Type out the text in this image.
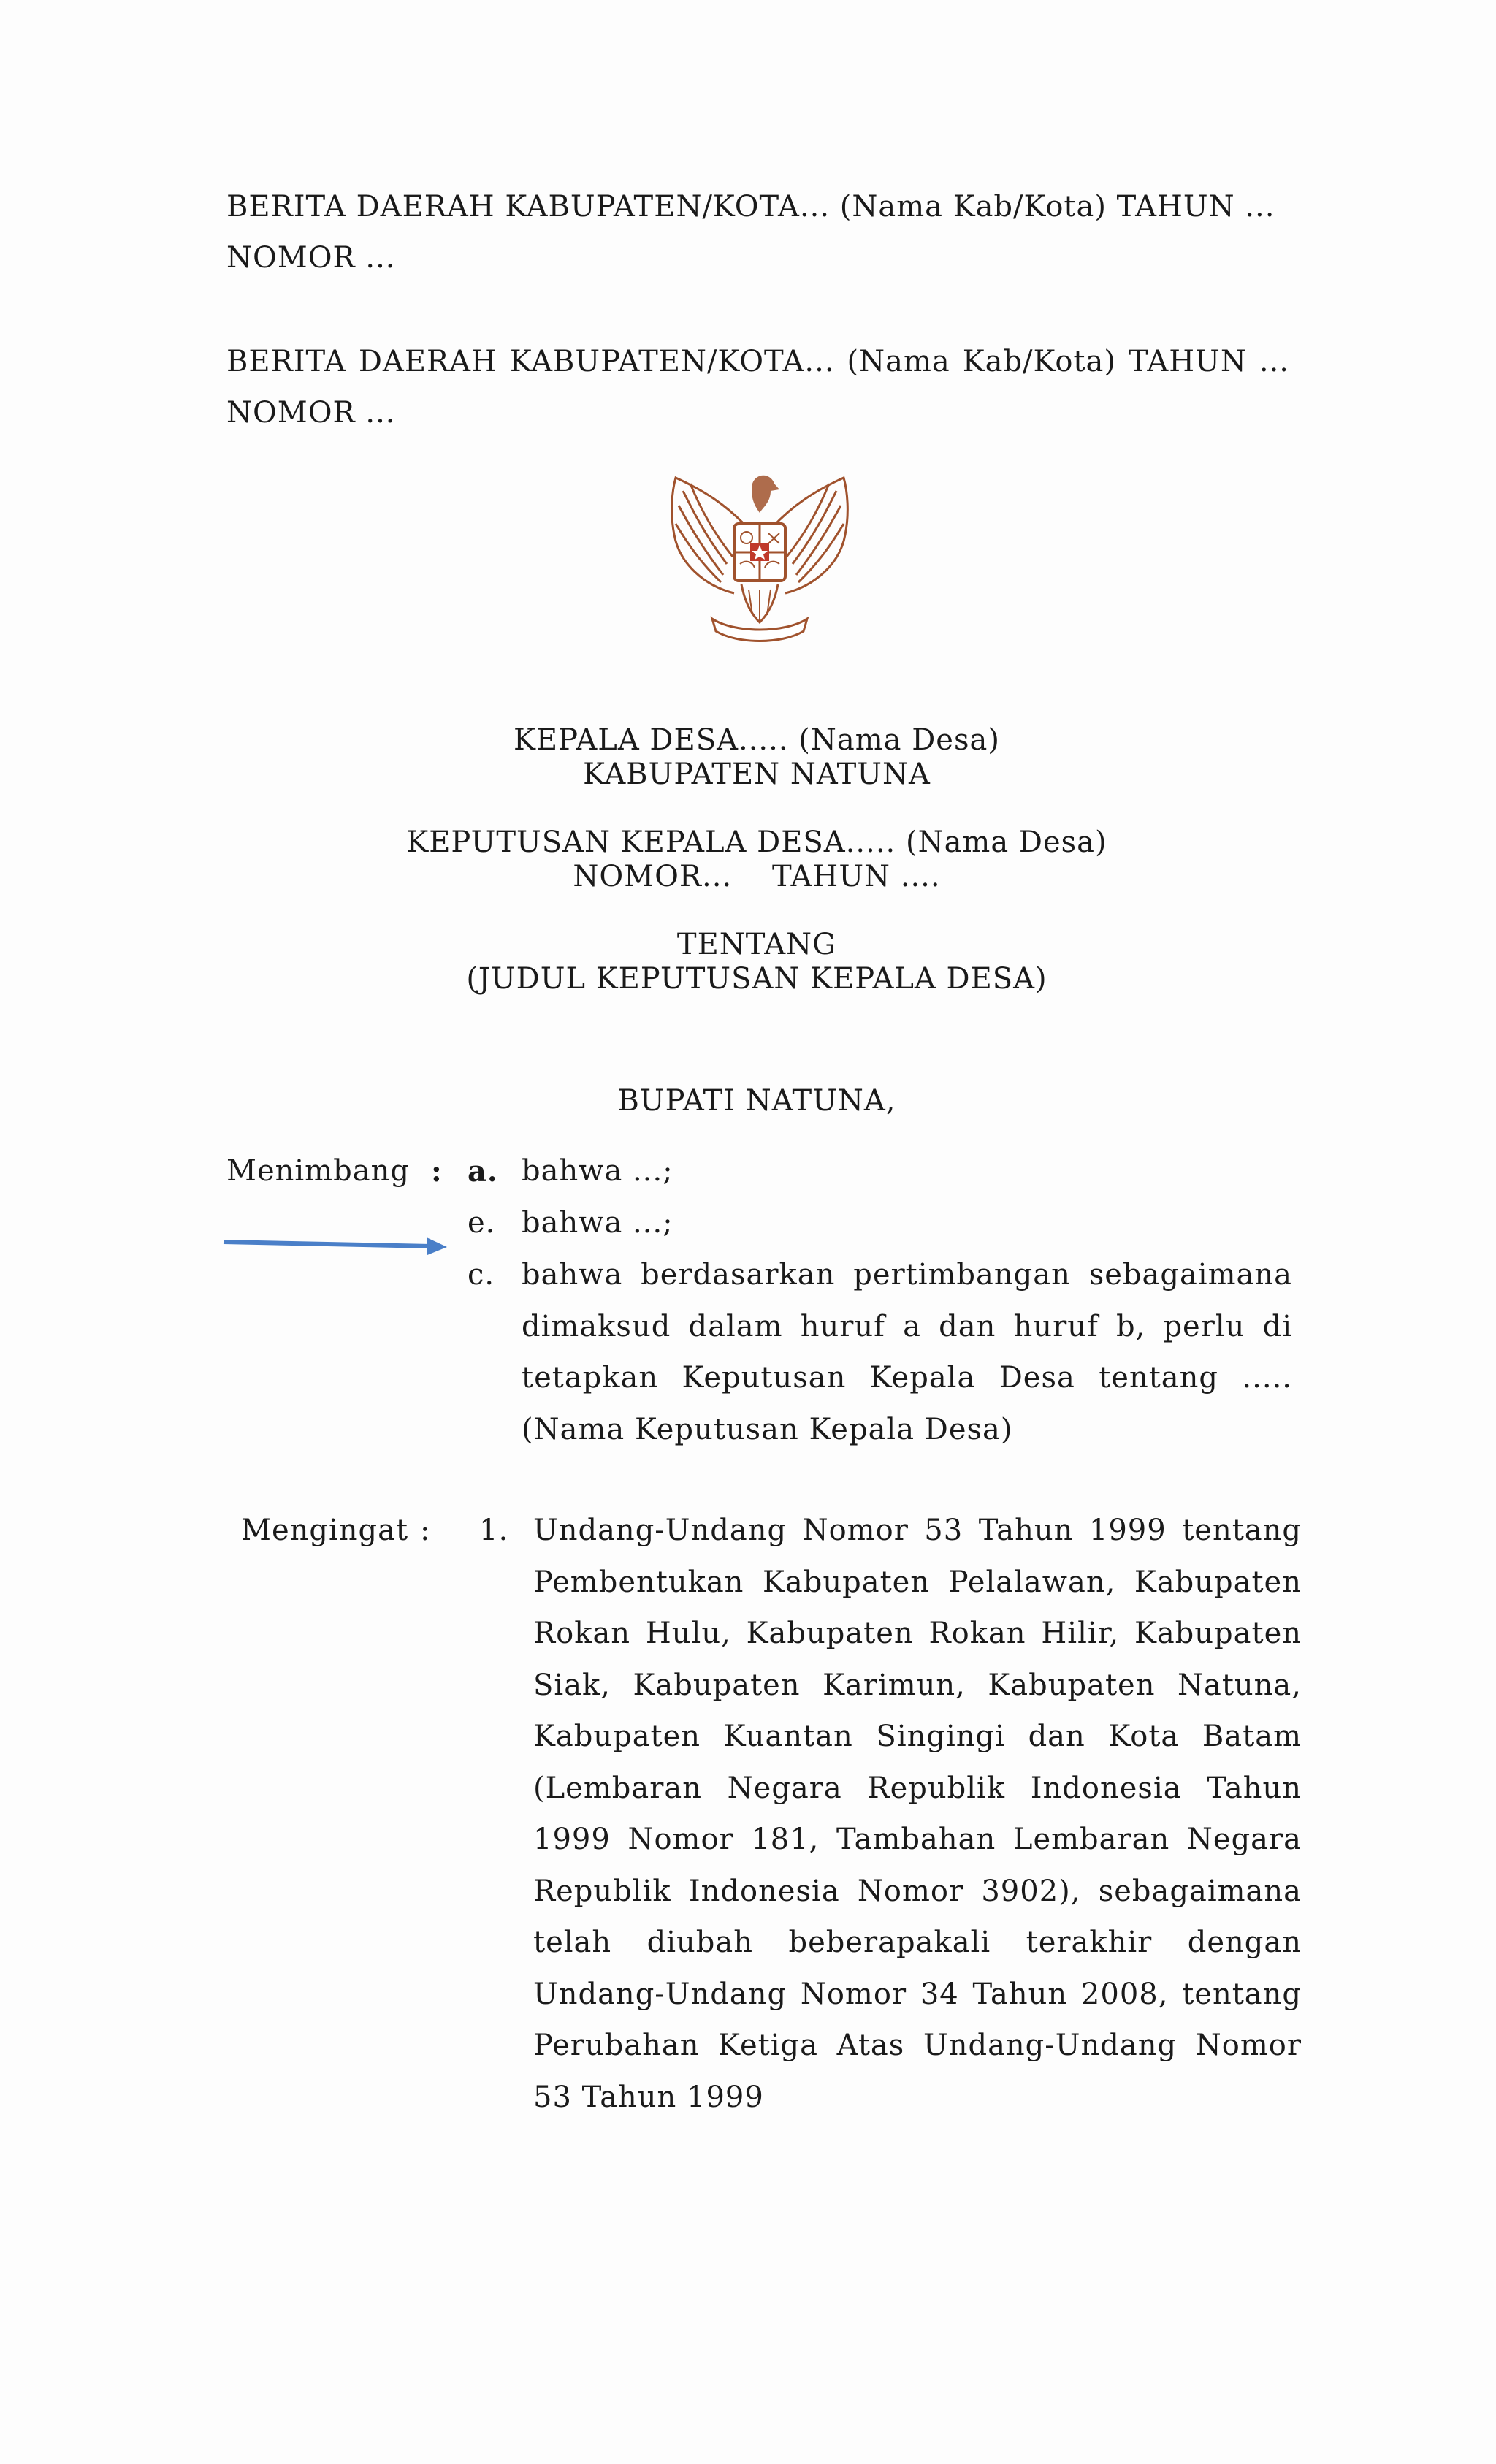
BERITA DAERAH KABUPATEN/KOTA... (Nama Kab/Kota) TAHUN ...
NOMOR ...
BERITA DAERAH KABUPATEN/KOTA... (Nama Kab/Kota) TAHUN ...
NOMOR ...
KEPALA DESA..... (Nama Desa)
KABUPATEN NATUNA
KEPUTUSAN KEPALA DESA..... (Nama Desa)
NOMOR...    TAHUN ....
TENTANG
(JUDUL KEPUTUSAN KEPALA DESA)
BUPATI NATUNA,
Menimbang : a. bahwa ...;
e. bahwa ...;
c. bahwa berdasarkan pertimbangan sebagaimana dimaksud dalam huruf a dan huruf b, perlu di tetapkan Keputusan Kepala Desa tentang ..... (Nama Keputusan Kepala Desa)
Mengingat : 1. Undang-Undang Nomor 53 Tahun 1999 tentang Pembentukan Kabupaten Pelalawan, Kabupaten Rokan Hulu, Kabupaten Rokan Hilir, Kabupaten Siak, Kabupaten Karimun, Kabupaten Natuna, Kabupaten Kuantan Singingi dan Kota Batam (Lembaran Negara Republik Indonesia Tahun 1999 Nomor 181, Tambahan Lembaran Negara Republik Indonesia Nomor 3902), sebagaimana telah diubah beberapakali terakhir dengan Undang-Undang Nomor 34 Tahun 2008, tentang Perubahan Ketiga Atas Undang-Undang Nomor 53 Tahun 1999
